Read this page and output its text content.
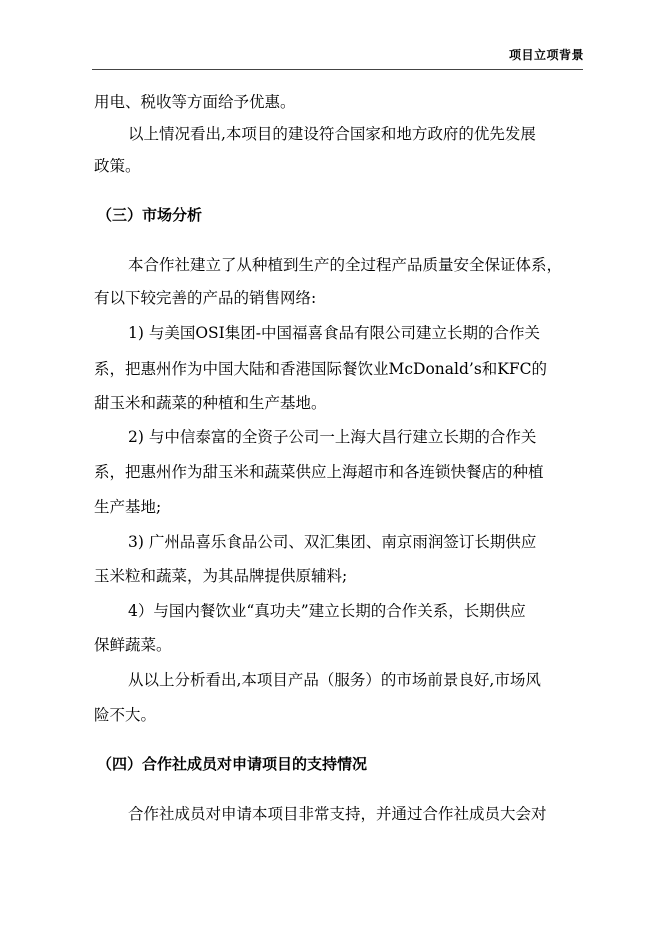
项目立项背景
用电、税收等方面给予优惠。
以上情况看出,本项目的建设符合国家和地方政府的优先发展
政策。
（三）市场分析
本合作社建立了从种植到生产的全过程产品质量安全保证体系，
有以下较完善的产品的销售网络:
1) 与美国OSI集团-中国福喜食品有限公司建立长期的合作关
系，把惠州作为中国大陆和香港国际餐饮业McDonald’s和KFC的
甜玉米和蔬菜的种植和生产基地。
2) 与中信泰富的全资子公司一上海大昌行建立长期的合作关
系，把惠州作为甜玉米和蔬菜供应上海超市和各连锁快餐店的种植
生产基地;
3) 广州品喜乐食品公司、双汇集团、南京雨润签订长期供应
玉米粒和蔬菜，为其品牌提供原辅料;
4）与国内餐饮业“真功夫”建立长期的合作关系，长期供应
保鲜蔬菜。
从以上分析看出,本项目产品（服务）的市场前景良好,市场风
险不大。
（四）合作社成员对申请项目的支持情况
合作社成员对申请本项目非常支持，并通过合作社成员大会对
